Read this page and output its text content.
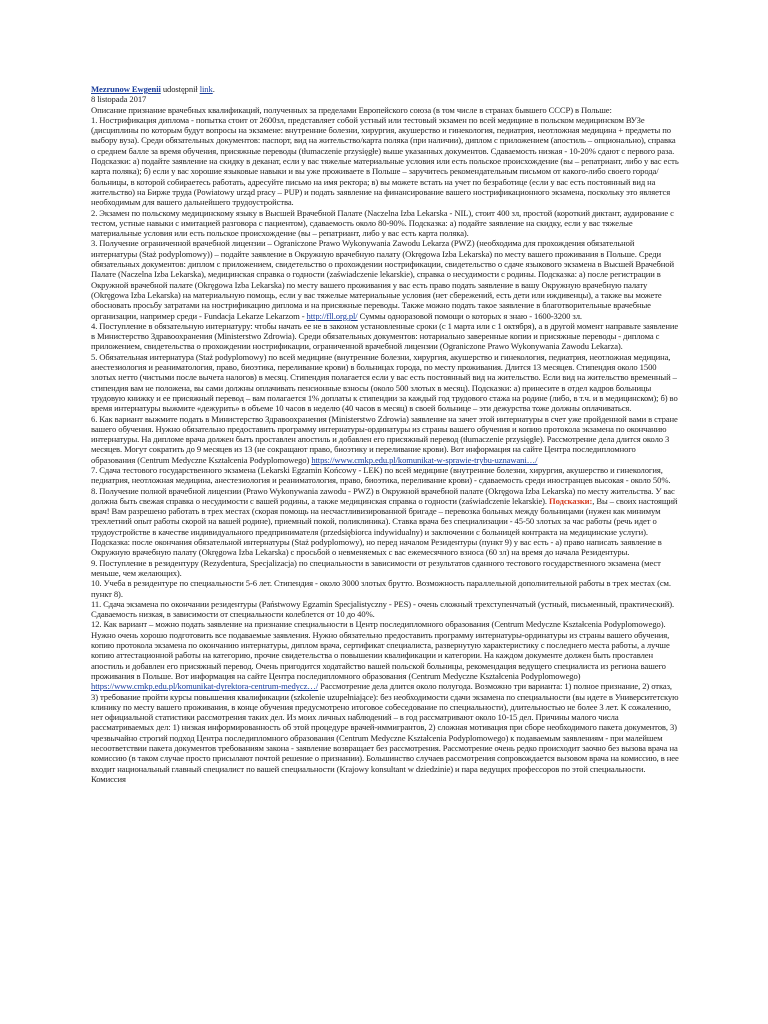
Mezrunow Ewgenii udostępnił link.

8 listopada 2017

Описание признание врачебных квалификаций, полученных за пределами Европейского союза (в том числе в странах бывшего СССР) в Польше:

1. Нострификация диплома - попытка стоит от 2600зл, представляет собой устный или тестовый экзамен по всей медицине в польском медицинском ВУЗе (дисциплины по которым будут вопросы на экзамене: внутренние болезни, хирургия, акушерство и гинекология, педиатрия, неотложная медицина + предметы по выбору вуза). Среди обязательных документов: паспорт, вид на жительство/карта поляка (при наличии), диплом с приложением (апостиль – опционально), справка о среднем балле за время обучения, присяжные переводы (tłumaczenie przysięgłe) выше указанных документов. Сдаваемость низкая - 10-20% сдают с первого раза. Подсказки: а) подайте заявление на скидку в деканат, если у вас тяжелые материальные условия или есть польское происхождение (вы – репатриант, либо у вас есть карта поляка); б) если у вас хорошие языковые навыки и вы уже проживаете в Польше – заручитесь рекомендательным письмом от какого-либо своего города/больницы, в которой собираетесь работать, адресуйте письмо на имя ректора; в) вы можете встать на учет по безработице (если у вас есть постоянный вид на жительство) на Бирже труда (Powiatowy urząd pracy – PUP) и подать заявление на финансирование вашего нострификационного экзамена, поскольку это является необходимым для вашего дальнейшего трудоустройства.

2. Экзамен по польскому медицинскому языку в Высшей Врачебной Палате (Naczelna Izba Lekarska - NIL), стоит 400 зл, простой (короткий диктант, аудирование с тестом, устные навыки с имитацией разговора с пациентом), сдаваемость около 80-90%. Подсказка: а) подайте заявление на скидку, если у вас тяжелые материальные условия или есть польское происхождение (вы – репатриант, либо у вас есть карта поляка).

3. Получение ограниченной врачебной лицензии – Ograniczone Prawo Wykonywania Zawodu Lekarza (PWZ) (необходима для прохождения обязательной интернатуры (Staż podyplomowy)) – подайте заявление в Окружную врачебную палату (Okręgowa Izba Lekarska) по месту вашего проживания в Польше. Среди обязательных документов: диплом с приложением, свидетельство о прохождении нострификации, свидетельство о сдаче языкового экзамена в Высшей Врачебной Палате (Naczelna Izba Lekarska), медицинская справка о годности (zaświadczenie lekarskie), справка о несудимости с родины. Подсказка: а) после регистрации в Окружной врачебной палате (Okręgowa Izba Lekarska) по месту вашего проживания у вас есть право подать заявление в вашу Окружную врачебную палату (Okręgowa Izba Lekarska) на материальную помощь, если у вас тяжелые материальные условия (нет сбережений, есть дети или иждивенцы), а также вы можете обосновать просьбу затратами на нострификацию диплома и на присяжные переводы. Также можно подать такое заявление в благотворительные врачебные организации, например среди - Fundacja Lekarze Lekarzom - http://fll.org.pl/ Суммы одноразовой помощи о которых я знаю - 1600-3200 зл.

4. Поступление в обязательную интернатуру: чтобы начать ее не в законом установленные сроки (с 1 марта или с 1 октября), а в другой момент направьте заявление в Министерство Здравоохранения (Ministerstwo Zdrowia). Среди обязательных документов: нотариально заверенные копии и присяжные переводы - диплома с приложением, свидетельства о прохождении нострификации, ограниченной врачебной лицензии (Ograniczone Prawo Wykonywania Zawodu Lekarza).

5. Обязательная интернатура (Staż podyplomowy) по всей медицине (внутренние болезни, хирургия, акушерство и гинекология, педиатрия, неотложная медицина, анестезиология и реаниматология, право, биоэтика, переливание крови) в больницах города, по месту проживания. Длится 13 месяцев. Стипендия около 1500 злотых нетто (чистыми после вычета налогов) в месяц. Стипендия полагается если у вас есть постоянный вид на жительство. Если вид на жительство временный – стипендия вам не положена, вы сами должны оплачивать пенсионные взносы (около 500 злотых в месяц). Подсказки: а) принесите в отдел кадров больницы трудовую книжку и ее присяжный перевод – вам полагается 1% доплаты к стипендии за каждый год трудового стажа на родине (либо, в т.ч. и в медицинском); б) во время интернатуры выжмите «дежурить» в объеме 10 часов в неделю (40 часов в месяц) в своей больнице – эти дежурства тоже должны оплачиваться.

6. Как вариант выжмите подать в Министерство Здравоохранения (Ministerstwo Zdrowia) заявление на зачет этой интернатуры в счет уже пройденной вами в стране вашего обучения. Нужно обязательно предоставить программу интернатуры-ординатуры из страны вашего обучения и копию протокола экзамена по окончанию интернатуры. На дипломе врача должен быть проставлен апостиль и добавлен его присяжный перевод (tłumaczenie przysięgłe). Рассмотрение дела длится около 3 месяцев. Могут сократить до 9 месяцев из 13 (не сокращают право, биоэтику и переливание крови). Вот информация на сайте Центра последипломного образования (Centrum Medyczne Kształcenia Podyplomowego) https://www.cmkp.edu.pl/komunikat-w-sprawie-trybu-uznawani…/

7. Сдача тестового государственного экзамена (Lekarski Egzamin Końcowy - LEK) по всей медицине (внутренние болезни, хирургия, акушерство и гинекология, педиатрия, неотложная медицина, анестезиология и реаниматология, право, биоэтика, переливание крови) - сдаваемость среди иностранцев высокая - около 50%.

8. Получение полной врачебной лицензии (Prawo Wykonywania zawodu - PWZ) в Окружной врачебной палате (Okręgowa Izba Lekarska) по месту жительства. У вас должна быть свежая справка о несудимости с вашей родины, а также медицинская справка о годности (zaświadczenie lekarskie). Подсказки:, Вы – своих настоящий врач! Вам разрешено работать в трех местах (скорая помощь на несчастливизированной бригаде – перевозка больных между больницами (нужен как минимум трехлетний опыт работы скорой на вашей родине), приемный покой, поликлиника). Ставка врача без специализации - 45-50 злотых за час работы (речь идет о трудоустройстве в качестве индивидуального предпринимателя (przedsiębiorca indywidualny) и заключении с больницей контракта на медицинские услуги). Подсказка: после окончания обязательной интернатуры (Staż podyplomowy), но перед началом Резидентуры (пункт 9) у вас есть - а) право написать заявление в Окружную врачебную палату (Okręgowa Izba Lekarska) с просьбой о невменяемых с вас ежемесячного взноса (60 зл) на время до начала Резидентуры.

9. Поступление в резидентуру (Rezydentura, Specjalizacja) по специальности в зависимости от результатов сданного тестового государственного экзамена (мест меньше, чем желающих).

10. Учеба в резидентуре по специальности 5-6 лет. Стипендия - около 3000 злотых брутто. Возможность параллельной дополнительной работы в трех местах (см. пункт 8).

11. Сдача экзамена по окончании резидентуры (Państwowy Egzamin Specjalistyczny - PES) - очень сложный трехступенчатый (устный, письменный, практический). Сдаваемость низкая, в зависимости от специальности колеблется от 10 до 40%.

12. Как вариант – можно подать заявление на признание специальности в Центр последипломного образования (Centrum Medyczne Kształcenia Podyplomowego). Нужно очень хорошо подготовить все подаваемые заявления. Нужно обязательно предоставить программу интернатуры-ординатуры из страны вашего обучения, копию протокола экзамена по окончанию интернатуры, диплом врача, сертификат специалиста, развернутую характеристику с последнего места работы, а лучше копию аттестационной работы на категорию, прочие свидетельства о повышении квалификации и категории. На каждом документе должен быть проставлен апостиль и добавлен его присяжный перевод. Очень пригодится ходатайство вашей польской больницы, рекомендация ведущего специалиста из региона вашего проживания в Польше. Вот информация на сайте Центра последипломного образования (Centrum Medyczne Kształcenia Podyplomowego) https://www.cmkp.edu.pl/komunikat-dyrektora-centrum-medycz…/ Рассмотрение дела длится около полугода. Возможно три варианта: 1) полное признание, 2) отказ, 3) требование пройти курсы повышения квалификации (szkolenie uzupełniające): без необходимости сдачи экзамена по специальности (вы идете в Университетскую клинику по месту вашего проживания, в конце обучения предусмотрено итоговое собеседование по специальности), длительностью не более 3 лет. К сожалению, нет официальной статистики рассмотрения таких дел. Из моих личных наблюдений – в год рассматривают около 10-15 дел. Причины малого числа рассматриваемых дел: 1) низкая информированность об этой процедуре врачей-иммигрантов, 2) сложная мотивация при сборе необходимого пакета документов, 3) чрезвычайно строгий подход Центра последипломного образования (Centrum Medyczne Kształcenia Podyplomowego) к подаваемым заявлениям - при малейшем несоответствии пакета документов требованиям закона - заявление возвращает без рассмотрения. Рассмотрение очень редко происходит заочно без вызова врача на комиссию (в таком случае просто присылают почтой решение о признании). Большинство случаев рассмотрения сопровождается вызовом врача на комиссию, в нее входит национальный главный специалист по вашей специальности (Krajowy konsultant w dziedzinie) и пара ведущих профессоров по этой специальности. Комиссия
